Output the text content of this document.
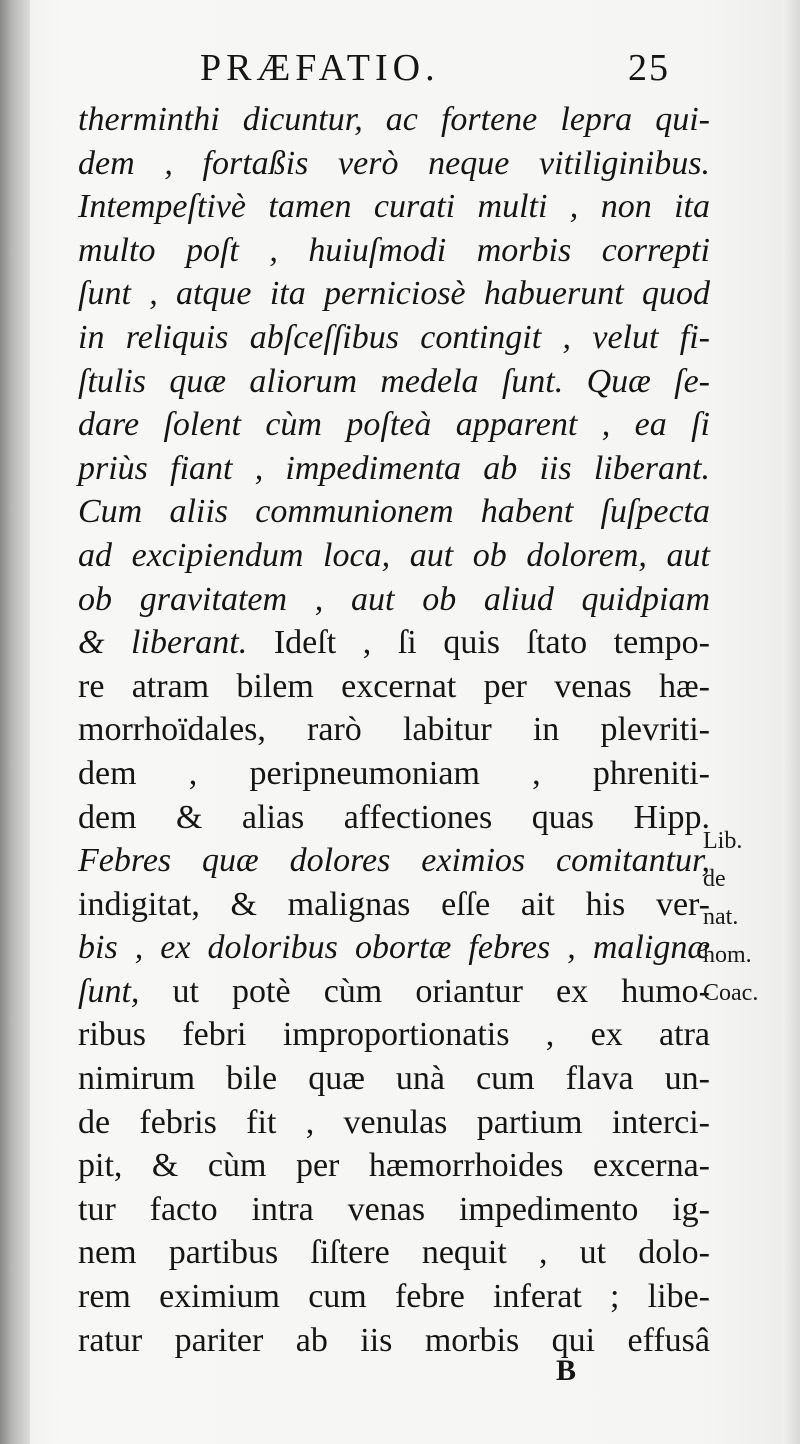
PRÆFATIO.	25
therminthi dicuntur, ac fortene lepra qui-
dem , fortaßis verò neque vitiliginibus.
Intempeſtivè tamen curati multi , non ita
multo poſt , huiuſmodi morbis correpti
ſunt , atque ita perniciosè habuerunt quod
in reliquis abſceſſibus contingit , velut fi-
ſtulis quæ aliorum medela ſunt. Quæ ſe-
dare ſolent cùm poſteà apparent , ea ſi
priùs fiant , impedimenta ab iis liberant.
Cum aliis communionem habent ſuſpecta
ad excipiendum loca, aut ob dolorem, aut
ob gravitatem , aut ob aliud quidpiam
& liberant. Ideſt , ſi quis ſtato tempo-
re atram bilem excernat per venas hæ-
morrhoïdales, rarò labitur in plevriti-
dem , peripneumoniam , phreniti-
dem & alias affectiones quas Hipp.
Febres quæ dolores eximios comitantur,
indigitat, & malignas eſſe ait his ver-
bis , ex doloribus obortæ febres , malignæ
ſunt, ut potè cùm oriantur ex humo-
ribus febri improportionatis , ex atra
nimirum bile quæ unà cum flava un-
de febris fit , venulas partium interci-
pit, & cùm per hæmorrhoides excerna-
tur facto intra venas impedimento ig-
nem partibus ſiſtere nequit , ut dolo-
rem eximium cum febre inferat ; libe-
ratur pariter ab iis morbis qui effusâ
Lib.
de
nat.
hom.
Coac.
B
